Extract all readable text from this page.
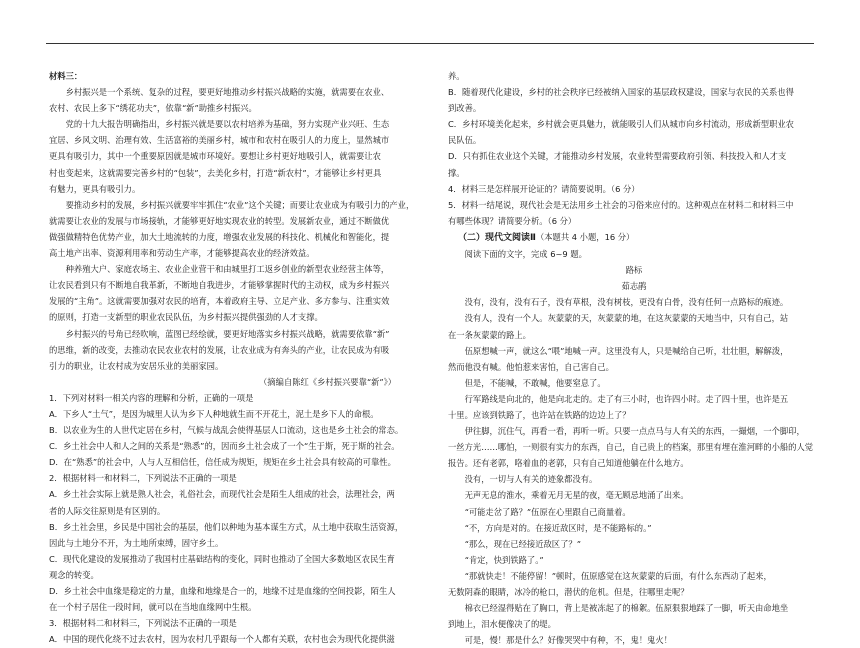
材料三：

乡村振兴是一个系统、复杂的过程，要更好地推动乡村振兴战略的实施，就需要在农业、

农村、农民上多下“绣花功夫”，依靠“新”助推乡村振兴。

党的十九大报告明确指出，乡村振兴就是要以农村培养为基础，努力实现产业兴旺、生态

宜居、乡风文明、治理有效、生活富裕的美丽乡村，城市和农村在吸引人的力度上，显然城市

更具有吸引力，其中一个重要原因就是城市环境好。要想让乡村更好地吸引人，就需要让农

村也变起来，这就需要完善乡村的“包装”，去美化乡村，打造“新农村”，才能够让乡村更具

有魅力，更具有吸引力。

要推动乡村的发展，乡村振兴就要牢牢抓住“农业”这个关键；而要让农业成为有吸引力的产业，

就需要让农业的发展与市场接轨，才能够更好地实现农业的转型。发展新农业，通过不断做优

做强做精特色优势产业，加大土地流转的力度，增强农业发展的科技化、机械化和智能化，提

高土地产出率、资源利用率和劳动生产率，才能够提高农业的经济效益。

种养殖大户、家庭农场主、农业企业营干和由城里打工返乡创业的新型农业经营主体等，

让农民看到只有不断地自我革新，不断地自我进步，才能够掌握时代的主动权，成为乡村振兴

发展的“主角”。这就需要加强对农民的培育，本着政府主导、立足产业、多方参与、注重实效

的原则，打造一支新型的职业农民队伍，为乡村振兴提供强劲的人才支撑。

乡村振兴的号角已经吹响，蓝图已经绘就，要更好地落实乡村振兴战略，就需要依靠“新”

的思维，新的改变，去推动农民农业农村的发展，让农业成为有奔头的产业，让农民成为有吸

引力的职业，让农村成为安居乐业的美丽家园。

（摘编自陈红《乡村振兴要靠“新”》）

1．下列对材料一相关内容的理解和分析，正确的一项是

A．下乡人“土气”，是因为城里人认为乡下人种地就生而不开花土，泥土是乡下人的命根。

B．以农业为生的人世代定居在乡村，气候与战乱会使得基层人口流动，这也是乡土社会的常态。

C．乡土社会中人和人之间的关系是“熟悉”的，因而乡土社会成了一个“生于斯，死于斯的社会。

D．在“熟悉”的社会中，人与人互相信任，信任成为规矩，规矩在乡土社会具有较高的可靠性。

2．根据材料一和材料二，下列说法不正确的一项是

A．乡土社会实际上就是熟人社会，礼俗社会，而现代社会是陌生人组成的社会，法理社会，两

者的人际交往原则是有区别的。

B．乡土社会里，乡民是中国社会的基层，他们以种地为基本谋生方式，从土地中获取生活资源，

因此与土地分不开，为土地所束缚，固守乡土。

C．现代化建设的发展推动了我国村庄基础结构的变化，同时也推动了全国大多数地区农民生育

观念的转变。

D．乡土社会中血缘是稳定的力量，血缘和地缘是合一的，地缘不过是血缘的空间投影，陌生人

在一个村子居住一段时间，就可以在当地血缘网中生根。

3．根据材料二和材料三，下列说法不正确的一项是

A．中国的现代化绕不过去农村，因为农村几乎跟每一个人都有关联，农村也会为现代化提供滋

养。

B．随着现代化建设，乡村的社会秩序已经被纳入国家的基层政权建设，国家与农民的关系也得

到改善。

C．乡村环境美化起来，乡村就会更具魅力，就能吸引人们从城市向乡村流动，形成新型职业农

民队伍。

D．只有抓住农业这个关键，才能推动乡村发展，农业转型需要政府引领、科技投入和人才支

撑。

4．材料三是怎样展开论证的？请简要说明。（6 分）

5．材料一结尾说，现代社会是无法用乡土社会的习俗来应付的。这种观点在材料二和材料三中

有哪些体现？请简要分析。（6 分）

（二）现代文阅读Ⅱ（本题共 4 小题，16 分）

阅读下面的文字，完成 6~9 题。

路标

茹志鹃

没有，没有，没有石子，没有草根，没有树枝，更没有白骨，没有任何一点路标的痕迹。

没有人，没有一个人。灰蒙蒙的天，灰蒙蒙的地，在这灰蒙蒙的天地当中，只有自己，站

在一条灰蒙蒙的路上。

伍原想喊一声，就这么“喂”地喊一声。这里没有人，只是喊给自己听，壮壮胆，解解泼，

然而他没有喊。他怕惹来害怕，自己害自己。

但是，不能喊，不敢喊，他要窒息了。

行军路线是向北的，他是向北走的。走了有三小时，也许四小时。走了四十里，也许是五

十里。应该到铁路了，也许站在铁路的边边上了？

伊往脚，沉住气，再看一看，再听一听。只要一点点马与人有关的东西，一撮烟，一个脚印，

一丝方光……哪怕，一则很有实力的东西，自己，自己贵上的档案，那里有埋在淮河畔的小船的人觉

报告。还有老郭，咯着血的老郭，只有自己知道他躺在什么地方。

没有，一切与人有关的迹象都没有。

无声无息的淮水，乘着无月无星的夜，毫无顾忌地涌了出来。

“可能走岔了路？”伍原在心里跟自己商量着。

“不，方向是对的。在接近敌区时，是不能路标的。”

“那么，现在已经接近敌区了？”

“肯定，快到铁路了。”

“那就快走！不能停留！”顿时，伍原感觉在这灰蒙蒙的后面，有什么东西动了起来，

无数阴森的眼睛，冰冷的枪口，潜伏的危机。但是，往哪里走呢？

棉衣已经湿得贴在了胸口，背上是被冻起了的棉絮。伍原狠狠地踩了一脚，听天由命地坐

到地上，泪水便像决了的堤。

可是，慢！那是什么？好像哭哭中有种，不，鬼！鬼火！
